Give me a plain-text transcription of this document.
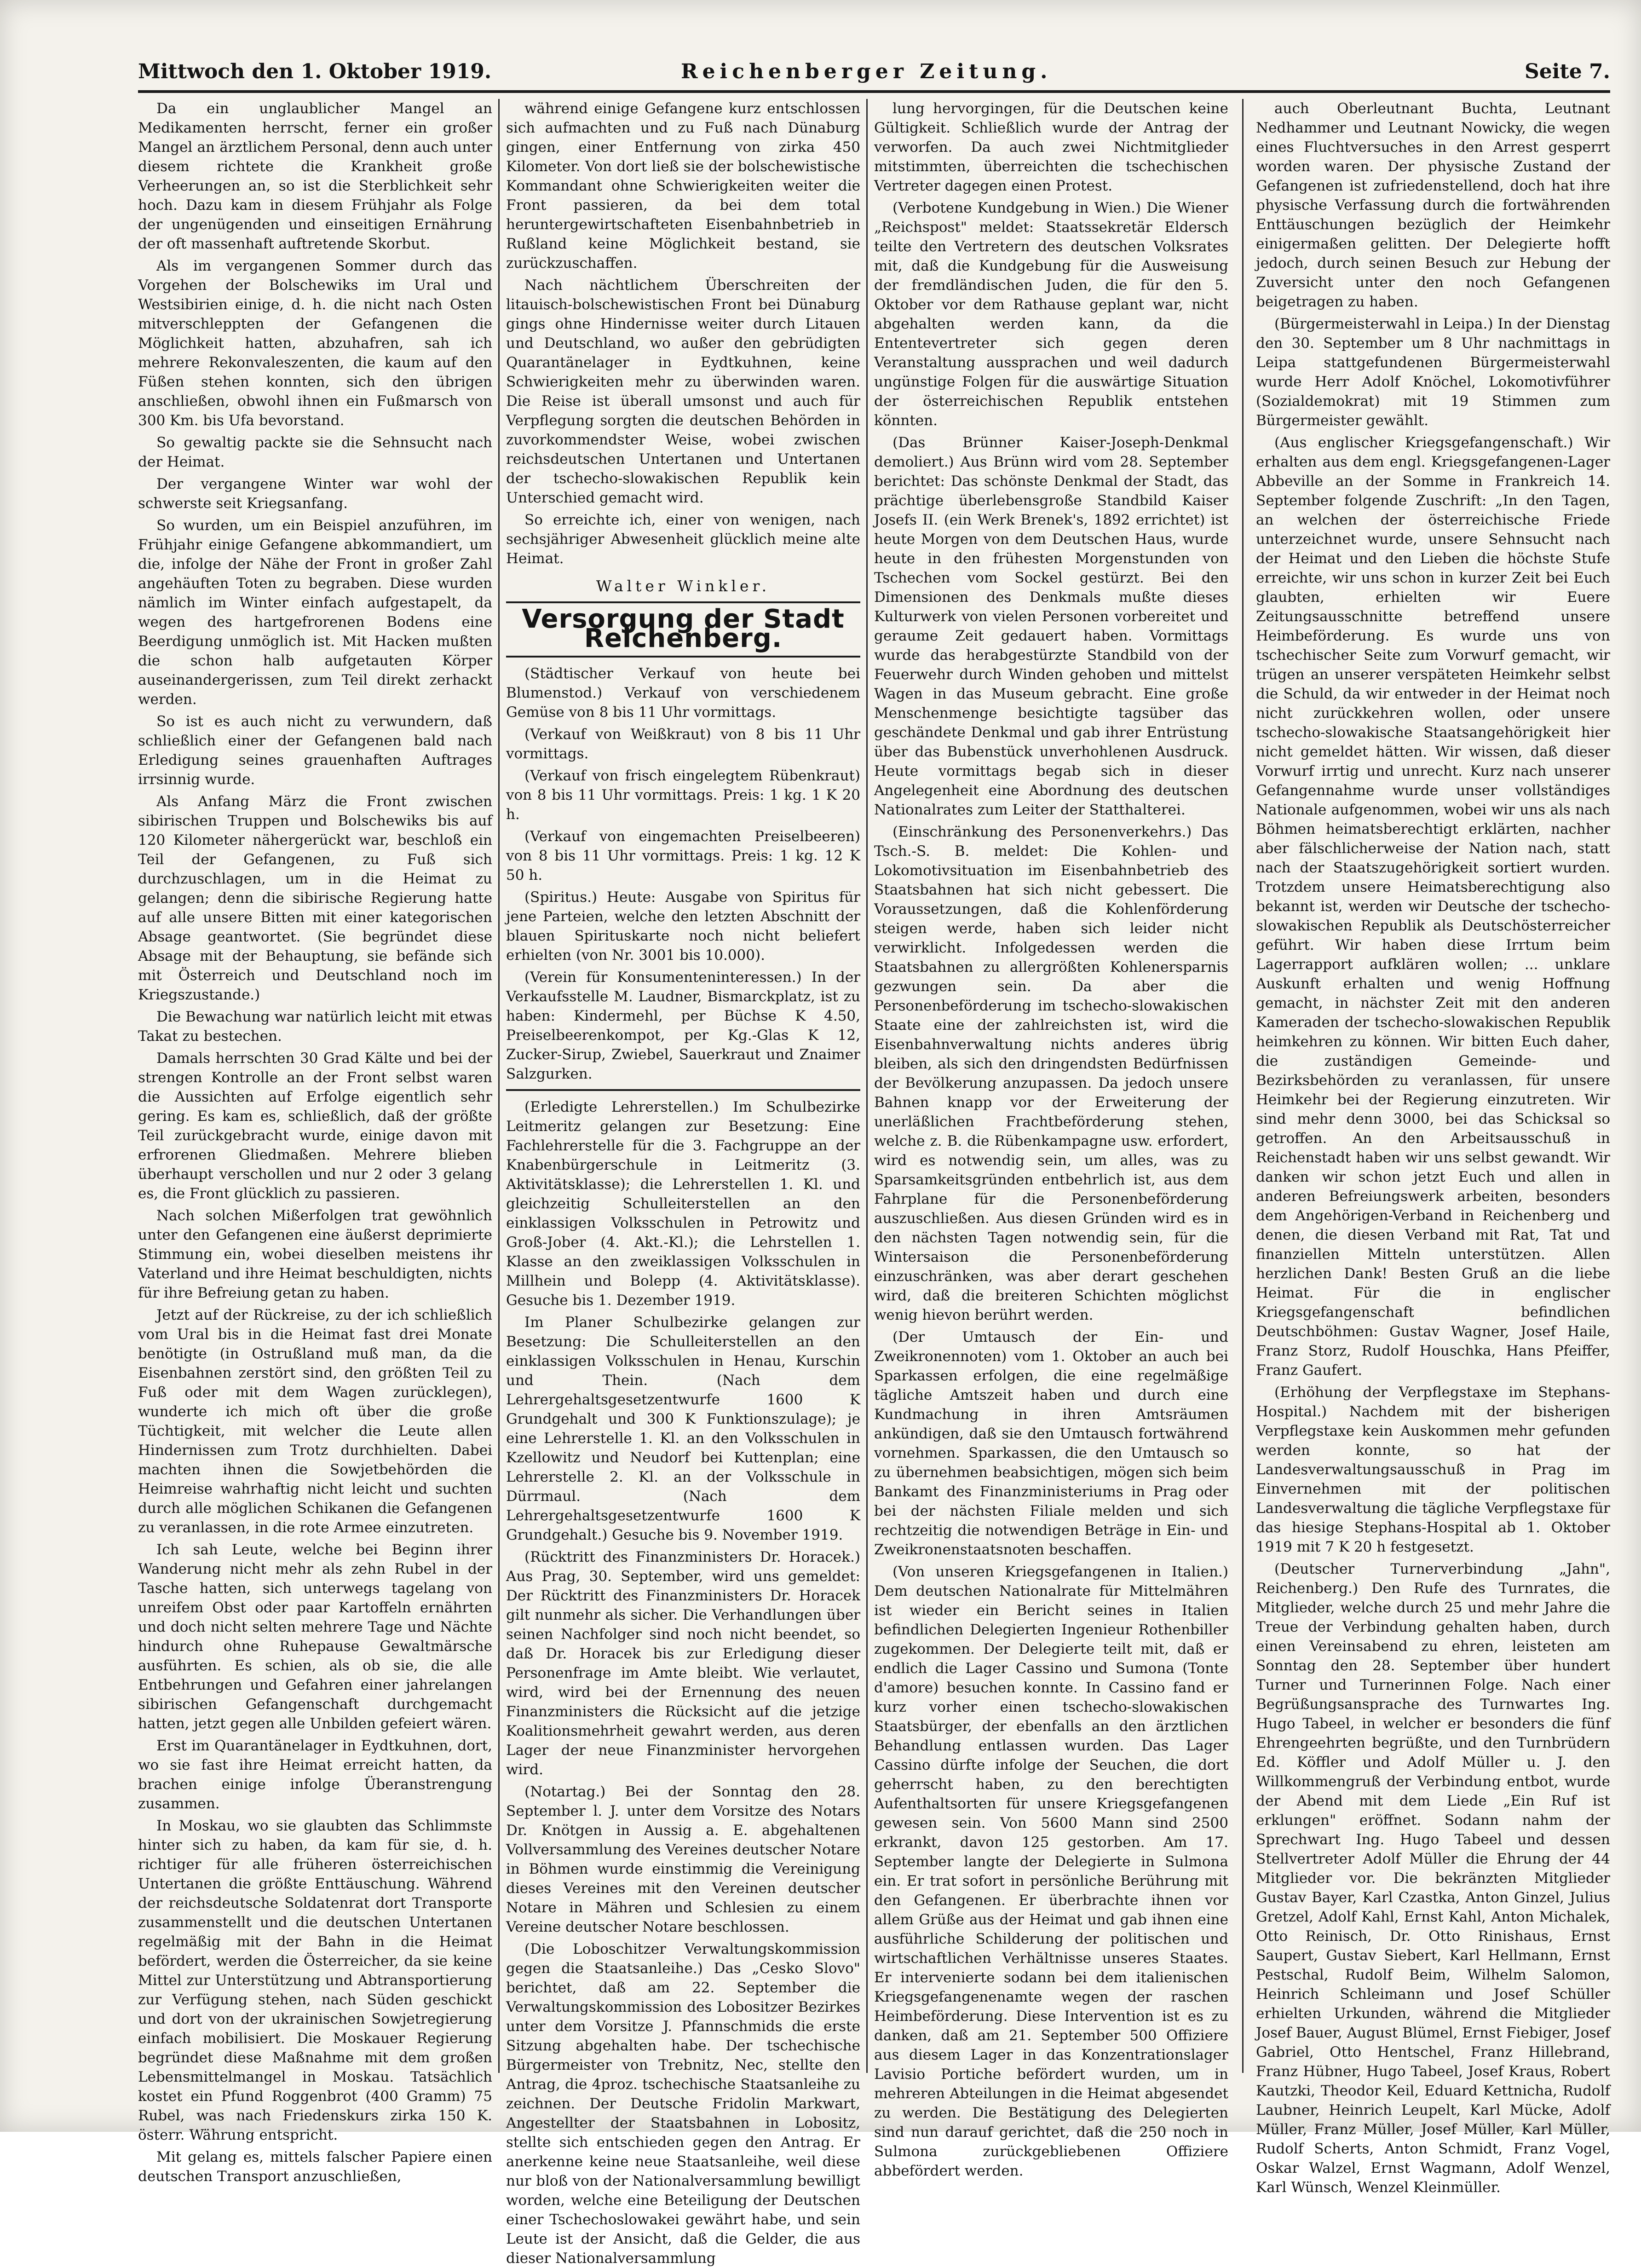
Mittwoch den 1. Oktober 1919.	Reichenberger Zeitung.	Seite 7.

Da ein unglaublicher Mangel an Medikamenten herrscht, ferner ein großer Mangel an ärztlichem Personal, denn auch unter diesem richtete die Krankheit große Verheerungen an, so ist die Sterblichkeit sehr hoch. Dazu kam in diesem Frühjahr als Folge der ungenügenden und einseitigen Ernährung der oft massenhaft auftretende Skorbut.

Als im vergangenen Sommer durch das Vorgehen der Bolschewiks im Ural und Westsibirien einige, d. h. die nicht nach Osten mitverschleppten der Gefangenen die Möglichkeit hatten, abzuhafren, sah ich mehrere Rekonvaleszenten, die kaum auf den Füßen stehen konnten, sich den übrigen anschließen, obwohl ihnen ein Fußmarsch von 300 Km. bis Ufa bevorstand.

So gewaltig packte sie die Sehnsucht nach der Heimat.

Der vergangene Winter war wohl der schwerste seit Kriegsanfang.

So wurden, um ein Beispiel anzuführen, im Frühjahr einige Gefangene abkommandiert, um die, infolge der Nähe der Front in großer Zahl angehäuften Toten zu begraben. Diese wurden nämlich im Winter einfach aufgestapelt, da wegen des hartgefrorenen Bodens eine Beerdigung unmöglich ist. Mit Hacken mußten die schon halb aufgetauten Körper auseinandergerissen, zum Teil direkt zerhackt werden.

So ist es auch nicht zu verwundern, daß schließlich einer der Gefangenen bald nach Erledigung seines grauenhaften Auftrages irrsinnig wurde.

Als Anfang März die Front zwischen sibirischen Truppen und Bolschewiks bis auf 120 Kilometer nähergerückt war, beschloß ein Teil der Gefangenen, zu Fuß sich durchzuschlagen, um in die Heimat zu gelangen; denn die sibirische Regierung hatte auf alle unsere Bitten mit einer kategorischen Absage geantwortet. (Sie begründet diese Absage mit der Behauptung, sie befände sich mit Österreich und Deutschland noch im Kriegszustande.)

Die Bewachung war natürlich leicht mit etwas Takat zu bestechen.

Damals herrschten 30 Grad Kälte und bei der strengen Kontrolle an der Front selbst waren die Aussichten auf Erfolge eigentlich sehr gering. Es kam es, schließlich, daß der größte Teil zurückgebracht wurde, einige davon mit erfrorenen Gliedmaßen. Mehrere blieben überhaupt verschollen und nur 2 oder 3 gelang es, die Front glücklich zu passieren.

Nach solchen Mißerfolgen trat gewöhnlich unter den Gefangenen eine äußerst deprimierte Stimmung ein, wobei dieselben meistens ihr Vaterland und ihre Heimat beschuldigten, nichts für ihre Befreiung getan zu haben.

Jetzt auf der Rückreise, zu der ich schließlich vom Ural bis in die Heimat fast drei Monate benötigte (in Ostrußland muß man, da die Eisenbahnen zerstört sind, den größten Teil zu Fuß oder mit dem Wagen zurücklegen), wunderte ich mich oft über die große Tüchtigkeit, mit welcher die Leute allen Hindernissen zum Trotz durchhielten. Dabei machten ihnen die Sowjetbehörden die Heimreise wahrhaftig nicht leicht und suchten durch alle möglichen Schikanen die Gefangenen zu veranlassen, in die rote Armee einzutreten.

Ich sah Leute, welche bei Beginn ihrer Wanderung nicht mehr als zehn Rubel in der Tasche hatten, sich unterwegs tagelang von unreifem Obst oder paar Kartoffeln ernährten und doch nicht selten mehrere Tage und Nächte hindurch ohne Ruhepause Gewaltmärsche ausführten. Es schien, als ob sie, die alle Entbehrungen und Gefahren einer jahrelangen sibirischen Gefangenschaft durchgemacht hatten, jetzt gegen alle Unbilden gefeiert wären.

Erst im Quarantänelager in Eydtkuhnen, dort, wo sie fast ihre Heimat erreicht hatten, da brachen einige infolge Überanstrengung zusammen.

In Moskau, wo sie glaubten das Schlimmste hinter sich zu haben, da kam für sie, d. h. richtiger für alle früheren österreichischen Untertanen die größte Enttäuschung. Während der reichsdeutsche Soldatenrat dort Transporte zusammenstellt und die deutschen Untertanen regelmäßig mit der Bahn in die Heimat befördert, werden die Österreicher, da sie keine Mittel zur Unterstützung und Abtransportierung zur Verfügung stehen, nach Süden geschickt und dort von der ukrainischen Sowjetregierung einfach mobilisiert. Die Moskauer Regierung begründet diese Maßnahme mit dem großen Lebensmittelmangel in Moskau. Tatsächlich kostet ein Pfund Roggenbrot (400 Gramm) 75 Rubel, was nach Friedenskurs zirka 150 K. österr. Währung entspricht.

Mit gelang es, mittels falscher Papiere einen deutschen Transport anzuschließen,

während einige Gefangene kurz entschlossen sich aufmachten und zu Fuß nach Dünaburg gingen, einer Entfernung von zirka 450 Kilometer. Von dort ließ sie der bolschewistische Kommandant ohne Schwierigkeiten weiter die Front passieren, da bei dem total heruntergewirtschafteten Eisenbahnbetrieb in Rußland keine Möglichkeit bestand, sie zurückzuschaffen.

Nach nächtlichem Überschreiten der litauisch-bolschewistischen Front bei Dünaburg gings ohne Hindernisse weiter durch Litauen und Deutschland, wo außer den gebrüdigten Quarantänelager in Eydtkuhnen, keine Schwierigkeiten mehr zu überwinden waren. Die Reise ist überall umsonst und auch für Verpflegung sorgten die deutschen Behörden in zuvorkommendster Weise, wobei zwischen reichsdeutschen Untertanen und Untertanen der tschecho-slowakischen Republik kein Unterschied gemacht wird.

So erreichte ich, einer von wenigen, nach sechsjähriger Abwesenheit glücklich meine alte Heimat.

Walter Winkler.
Versorgung der Stadt Reichenberg.

(Städtischer Verkauf von heute bei Blumenstod.) Verkauf von verschiedenem Gemüse von 8 bis 11 Uhr vormittags.

(Verkauf von Weißkraut) von 8 bis 11 Uhr vormittags.

(Verkauf von frisch eingelegtem Rübenkraut) von 8 bis 11 Uhr vormittags. Preis: 1 kg. 1 K 20 h.

(Verkauf von eingemachten Preiselbeeren) von 8 bis 11 Uhr vormittags. Preis: 1 kg. 12 K 50 h.

(Spiritus.) Heute: Ausgabe von Spiritus für jene Parteien, welche den letzten Abschnitt der blauen Spirituskarte noch nicht beliefert erhielten (von Nr. 3001 bis 10.000).

(Verein für Konsumenteninteressen.) In der Verkaufsstelle M. Laudner, Bismarckplatz, ist zu haben: Kindermehl, per Büchse K 4.50, Preiselbeerenkompot, per Kg.-Glas K 12, Zucker-Sirup, Zwiebel, Sauerkraut und Znaimer Salzgurken.

(Erledigte Lehrerstellen.) Im Schulbezirke Leitmeritz gelangen zur Besetzung: Eine Fachlehrerstelle für die 3. Fachgruppe an der Knabenbürgerschule in Leitmeritz (3. Aktivitätsklasse); die Lehrerstellen 1. Kl. und gleichzeitig Schulleiterstellen an den einklassigen Volksschulen in Petrowitz und Groß-Jober (4. Akt.-Kl.); die Lehrstellen 1. Klasse an den zweiklassigen Volksschulen in Millhein und Bolepp (4. Aktivitätsklasse). Gesuche bis 1. Dezember 1919.

Im Planer Schulbezirke gelangen zur Besetzung: Die Schulleiterstellen an den einklassigen Volksschulen in Henau, Kurschin und Thein. (Nach dem Lehrergehaltsgesetzentwurfe 1600 K Grundgehalt und 300 K Funktionszulage); je eine Lehrerstelle 1. Kl. an den Volksschulen in Kzellowitz und Neudorf bei Kuttenplan; eine Lehrerstelle 2. Kl. an der Volksschule in Dürrmaul. (Nach dem Lehrergehaltsgesetzentwurfe 1600 K Grundgehalt.) Gesuche bis 9. November 1919.

(Rücktritt des Finanzministers Dr. Horacek.) Aus Prag, 30. September, wird uns gemeldet: Der Rücktritt des Finanzministers Dr. Horacek gilt nunmehr als sicher. Die Verhandlungen über seinen Nachfolger sind noch nicht beendet, so daß Dr. Horacek bis zur Erledigung dieser Personenfrage im Amte bleibt. Wie verlautet, wird, wird bei der Ernennung des neuen Finanzministers die Rücksicht auf die jetzige Koalitionsmehrheit gewahrt werden, aus deren Lager der neue Finanzminister hervorgehen wird.

(Notartag.) Bei der Sonntag den 28. September l. J. unter dem Vorsitze des Notars Dr. Knötgen in Aussig a. E. abgehaltenen Vollversammlung des Vereines deutscher Notare in Böhmen wurde einstimmig die Vereinigung dieses Vereines mit den Vereinen deutscher Notare in Mähren und Schlesien zu einem Vereine deutscher Notare beschlossen.

(Die Loboschitzer Verwaltungskommission gegen die Staatsanleihe.) Das „Cesko Slovo" berichtet, daß am 22. September die Verwaltungskommission des Lobositzer Bezirkes unter dem Vorsitze J. Pfannschmids die erste Sitzung abgehalten habe. Der tschechische Bürgermeister von Trebnitz, Nec, stellte den Antrag, die 4proz. tschechische Staatsanleihe zu zeichnen. Der Deutsche Fridolin Markwart, Angestellter der Staatsbahnen in Lobositz, stellte sich entschieden gegen den Antrag. Er anerkenne keine neue Staatsanleihe, weil diese nur bloß von der Nationalversammlung bewilligt worden, welche eine Beteiligung der Deutschen einer Tschechoslowakei gewährt habe, und sein Leute ist der Ansicht, daß die Gelder, die aus dieser Nationalversammlung

lung hervorgingen, für die Deutschen keine Gültigkeit. Schließlich wurde der Antrag der verworfen. Da auch zwei Nichtmitglieder mitstimmten, überreichten die tschechischen Vertreter dagegen einen Protest.

(Verbotene Kundgebung in Wien.) Die Wiener „Reichspost" meldet: Staatssekretär Eldersch teilte den Vertretern des deutschen Volksrates mit, daß die Kundgebung für die Ausweisung der fremdländischen Juden, die für den 5. Oktober vor dem Rathause geplant war, nicht abgehalten werden kann, da die Ententevertreter sich gegen deren Veranstaltung aussprachen und weil dadurch ungünstige Folgen für die auswärtige Situation der österreichischen Republik entstehen könnten.

(Das Brünner Kaiser-Joseph-Denkmal demoliert.) Aus Brünn wird vom 28. September berichtet: Das schönste Denkmal der Stadt, das prächtige überlebensgroße Standbild Kaiser Josefs II. (ein Werk Brenek's, 1892 errichtet) ist heute Morgen von dem Deutschen Haus, wurde heute in den frühesten Morgenstunden von Tschechen vom Sockel gestürzt. Bei den Dimensionen des Denkmals mußte dieses Kulturwerk von vielen Personen vorbereitet und geraume Zeit gedauert haben. Vormittags wurde das herabgestürzte Standbild von der Feuerwehr durch Winden gehoben und mittelst Wagen in das Museum gebracht. Eine große Menschenmenge besichtigte tagsüber das geschändete Denkmal und gab ihrer Entrüstung über das Bubenstück unverhohlenen Ausdruck. Heute vormittags begab sich in dieser Angelegenheit eine Abordnung des deutschen Nationalrates zum Leiter der Statthalterei.

(Einschränkung des Personenverkehrs.) Das Tsch.-S. B. meldet: Die Kohlen- und Lokomotivsituation im Eisenbahnbetrieb des Staatsbahnen hat sich nicht gebessert. Die Voraussetzungen, daß die Kohlenförderung steigen werde, haben sich leider nicht verwirklicht. Infolgedessen werden die Staatsbahnen zu allergrößten Kohlenersparnis gezwungen sein. Da aber die Personenbeförderung im tschecho-slowakischen Staate eine der zahlreichsten ist, wird die Eisenbahnverwaltung nichts anderes übrig bleiben, als sich den dringendsten Bedürfnissen der Bevölkerung anzupassen. Da jedoch unsere Bahnen knapp vor der Erweiterung der unerläßlichen Frachtbeförderung stehen, welche z. B. die Rübenkampagne usw. erfordert, wird es notwendig sein, um alles, was zu Sparsamkeitsgründen entbehrlich ist, aus dem Fahrplane für die Personenbeförderung auszuschließen. Aus diesen Gründen wird es in den nächsten Tagen notwendig sein, für die Wintersaison die Personenbeförderung einzuschränken, was aber derart geschehen wird, daß die breiteren Schichten möglichst wenig hievon berührt werden.

(Der Umtausch der Ein- und Zweikronennoten) vom 1. Oktober an auch bei Sparkassen erfolgen, die eine regelmäßige tägliche Amtszeit haben und durch eine Kundmachung in ihren Amtsräumen ankündigen, daß sie den Umtausch fortwährend vornehmen. Sparkassen, die den Umtausch so zu übernehmen beabsichtigen, mögen sich beim Bankamt des Finanzministeriums in Prag oder bei der nächsten Filiale melden und sich rechtzeitig die notwendigen Beträge in Ein- und Zweikronenstaatsnoten beschaffen.

(Von unseren Kriegsgefangenen in Italien.) Dem deutschen Nationalrate für Mittelmähren ist wieder ein Bericht seines in Italien befindlichen Delegierten Ingenieur Rothenbiller zugekommen. Der Delegierte teilt mit, daß er endlich die Lager Cassino und Sumona (Tonte d'amore) besuchen konnte. In Cassino fand er kurz vorher einen tschecho-slowakischen Staatsbürger, der ebenfalls an den ärztlichen Behandlung entlassen wurden. Das Lager Cassino dürfte infolge der Seuchen, die dort geherrscht haben, zu den berechtigten Aufenthaltsorten für unsere Kriegsgefangenen gewesen sein. Von 5600 Mann sind 2500 erkrankt, davon 125 gestorben. Am 17. September langte der Delegierte in Sulmona ein. Er trat sofort in persönliche Berührung mit den Gefangenen. Er überbrachte ihnen vor allem Grüße aus der Heimat und gab ihnen eine ausführliche Schilderung der politischen und wirtschaftlichen Verhältnisse unseres Staates. Er intervenierte sodann bei dem italienischen Kriegsgefangenenamte wegen der raschen Heimbeförderung. Diese Intervention ist es zu danken, daß am 21. September 500 Offiziere aus diesem Lager in das Konzentrationslager Lavisio Portiche befördert wurden, um in mehreren Abteilungen in die Heimat abgesendet zu werden. Die Bestätigung des Delegierten sind nun darauf gerichtet, daß die 250 noch in Sulmona zurückgebliebenen Offiziere abbefördert werden.

auch Oberleutnant Buchta, Leutnant Nedhammer und Leutnant Nowicky, die wegen eines Fluchtversuches in den Arrest gesperrt worden waren. Der physische Zustand der Gefangenen ist zufriedenstellend, doch hat ihre physische Verfassung durch die fortwährenden Enttäuschungen bezüglich der Heimkehr einigermaßen gelitten. Der Delegierte hofft jedoch, durch seinen Besuch zur Hebung der Zuversicht unter den noch Gefangenen beigetragen zu haben.

(Bürgermeisterwahl in Leipa.) In der Dienstag den 30. September um 8 Uhr nachmittags in Leipa stattgefundenen Bürgermeisterwahl wurde Herr Adolf Knöchel, Lokomotivführer (Sozialdemokrat) mit 19 Stimmen zum Bürgermeister gewählt.

(Aus englischer Kriegsgefangenschaft.) Wir erhalten aus dem engl. Kriegsgefangenen-Lager Abbeville an der Somme in Frankreich 14. September folgende Zuschrift: „In den Tagen, an welchen der österreichische Friede unterzeichnet wurde, unsere Sehnsucht nach der Heimat und den Lieben die höchste Stufe erreichte, wir uns schon in kurzer Zeit bei Euch glaubten, erhielten wir Euere Zeitungsausschnitte betreffend unsere Heimbeförderung. Es wurde uns von tschechischer Seite zum Vorwurf gemacht, wir trügen an unserer verspäteten Heimkehr selbst die Schuld, da wir entweder in der Heimat noch nicht zurückkehren wollen, oder unsere tschecho-slowakische Staatsangehörigkeit hier nicht gemeldet hätten. Wir wissen, daß dieser Vorwurf irrtig und unrecht. Kurz nach unserer Gefangennahme wurde unser vollständiges Nationale aufgenommen, wobei wir uns als nach Böhmen heimatsberechtigt erklärten, nachher aber fälschlicherweise der Nation nach, statt nach der Staatszugehörigkeit sortiert wurden. Trotzdem unsere Heimatsberechtigung also bekannt ist, werden wir Deutsche der tschecho-slowakischen Republik als Deutschösterreicher geführt. Wir haben diese Irrtum beim Lagerrapport aufklären wollen; ... unklare Auskunft erhalten und wenig Hoffnung gemacht, in nächster Zeit mit den anderen Kameraden der tschecho-slowakischen Republik heimkehren zu können. Wir bitten Euch daher, die zuständigen Gemeinde- und Bezirksbehörden zu veranlassen, für unsere Heimkehr bei der Regierung einzutreten. Wir sind mehr denn 3000, bei das Schicksal so getroffen. An den Arbeitsausschuß in Reichenstadt haben wir uns selbst gewandt. Wir danken wir schon jetzt Euch und allen in anderen Befreiungswerk arbeiten, besonders dem Angehörigen-Verband in Reichenberg und denen, die diesen Verband mit Rat, Tat und finanziellen Mitteln unterstützen. Allen herzlichen Dank! Besten Gruß an die liebe Heimat. Für die in englischer Kriegsgefangenschaft befindlichen Deutschböhmen: Gustav Wagner, Josef Haile, Franz Storz, Rudolf Houschka, Hans Pfeiffer, Franz Gaufert.

(Erhöhung der Verpflegstaxe im Stephans-Hospital.) Nachdem mit der bisherigen Verpflegstaxe kein Auskommen mehr gefunden werden konnte, so hat der Landesverwaltungsausschuß in Prag im Einvernehmen mit der politischen Landesverwaltung die tägliche Verpflegstaxe für das hiesige Stephans-Hospital ab 1. Oktober 1919 mit 7 K 20 h festgesetzt.

(Deutscher Turnerverbindung „Jahn", Reichenberg.) Den Rufe des Turnrates, die Mitglieder, welche durch 25 und mehr Jahre die Treue der Verbindung gehalten haben, durch einen Vereinsabend zu ehren, leisteten am Sonntag den 28. September über hundert Turner und Turnerinnen Folge. Nach einer Begrüßungsansprache des Turnwartes Ing. Hugo Tabeel, in welcher er besonders die fünf Ehrengeehrten begrüßte, und den Turnbrüdern Ed. Köffler und Adolf Müller u. J. den Willkommengruß der Verbindung entbot, wurde der Abend mit dem Liede „Ein Ruf ist erklungen" eröffnet. Sodann nahm der Sprechwart Ing. Hugo Tabeel und dessen Stellvertreter Adolf Müller die Ehrung der 44 Mitglieder vor. Die bekränzten Mitglieder Gustav Bayer, Karl Czastka, Anton Ginzel, Julius Gretzel, Adolf Kahl, Ernst Kahl, Anton Michalek, Otto Reinisch, Dr. Otto Rinishaus, Ernst Saupert, Gustav Siebert, Karl Hellmann, Ernst Pestschal, Rudolf Beim, Wilhelm Salomon, Heinrich Schleimann und Josef Schüller erhielten Urkunden, während die Mitglieder Josef Bauer, August Blümel, Ernst Fiebiger, Josef Gabriel, Otto Hentschel, Franz Hillebrand, Franz Hübner, Hugo Tabeel, Josef Kraus, Robert Kautzki, Theodor Keil, Eduard Kettnicha, Rudolf Laubner, Heinrich Leupelt, Karl Mücke, Adolf Müller, Franz Müller, Josef Müller, Karl Müller, Rudolf Scherts, Anton Schmidt, Franz Vogel, Oskar Walzel, Ernst Wagmann, Adolf Wenzel, Karl Wünsch, Wenzel Kleinmüller.
